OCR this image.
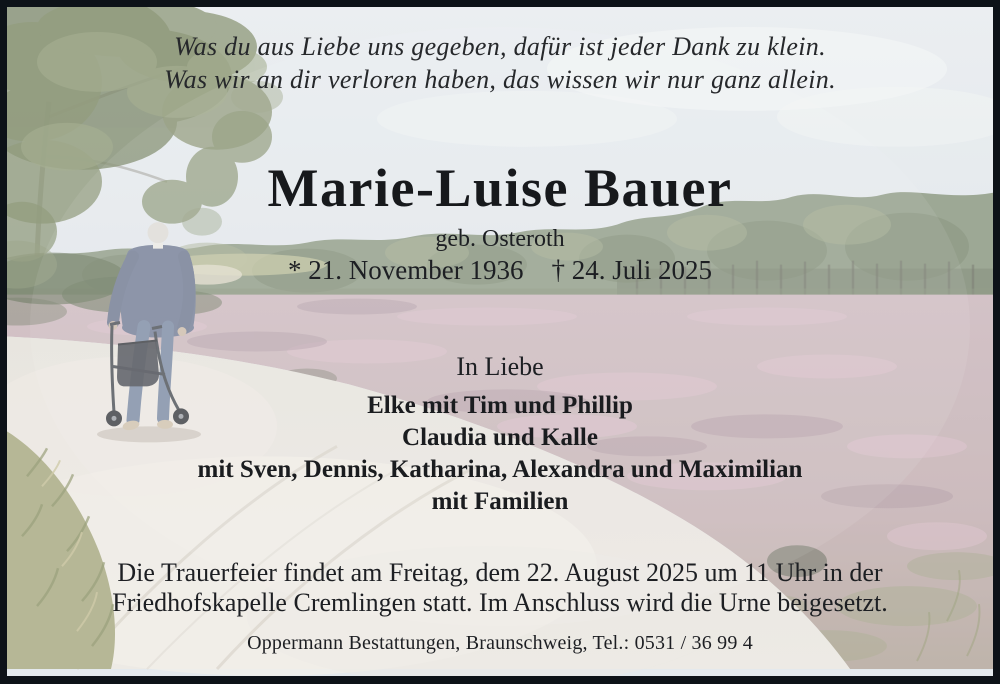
Was du aus Liebe uns gegeben, dafür ist jeder Dank zu klein.
Was wir an dir verloren haben, das wissen wir nur ganz allein.
Marie-Luise Bauer
geb. Osteroth
* 21. November 1936 † 24. Juli 2025
In Liebe
Elke mit Tim und Phillip
Claudia und Kalle
mit Sven, Dennis, Katharina, Alexandra und Maximilian
mit Familien
Die Trauerfeier findet am Freitag, dem 22. August 2025 um 11 Uhr in der
Friedhofskapelle Cremlingen statt. Im Anschluss wird die Urne beigesetzt.
Oppermann Bestattungen, Braunschweig, Tel.: 0531 / 36 99 4
